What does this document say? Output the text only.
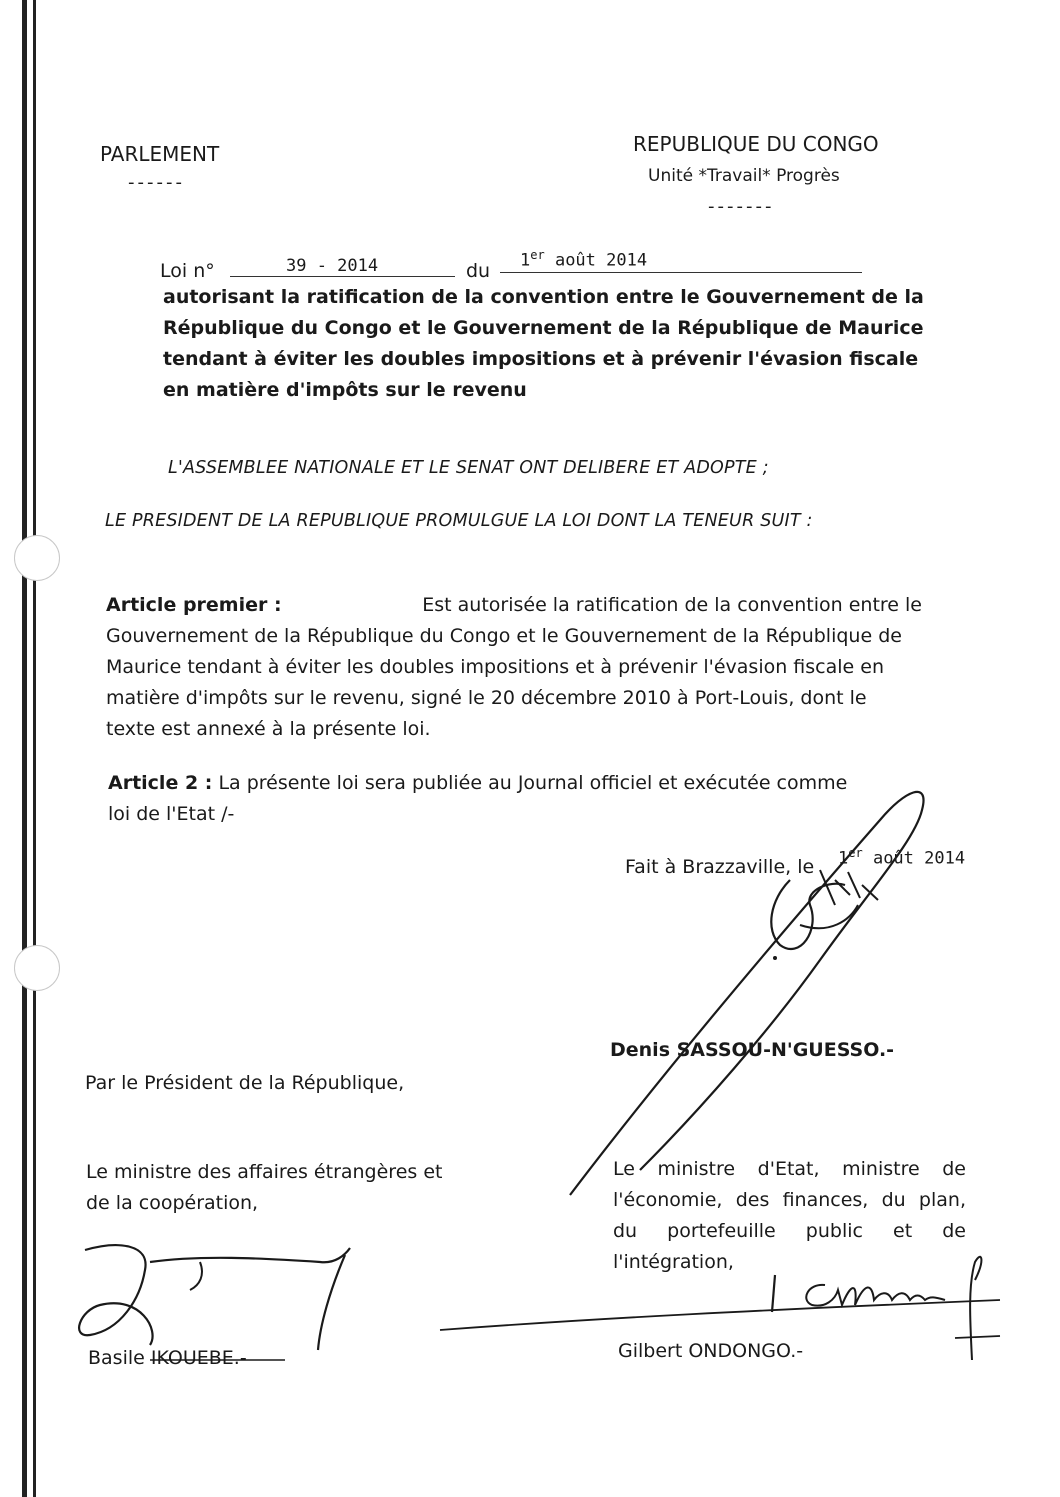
PARLEMENT
------
REPUBLIQUE DU CONGO
Unité *Travail* Progrès
-------
Loi n°	39 - 2014	du 1er août 2014
autorisant la ratification de la convention entre le Gouvernement de la
République du Congo et le Gouvernement de la République de Maurice
tendant à éviter les doubles impositions et à prévenir l'évasion fiscale
en matière d'impôts sur le revenu
L'ASSEMBLEE NATIONALE ET LE SENAT ONT DELIBERE ET ADOPTE ;
LE PRESIDENT DE LA REPUBLIQUE PROMULGUE LA LOI DONT LA TENEUR SUIT :
Article premier :	Est autorisée la ratification de la convention entre le
Gouvernement de la République du Congo et le Gouvernement de la République de
Maurice tendant à éviter les doubles impositions et à prévenir l'évasion fiscale en
matière d'impôts sur le revenu, signé le 20 décembre 2010 à Port-Louis, dont le
texte est annexé à la présente loi.
Article 2 : La présente loi sera publiée au Journal officiel et exécutée comme
loi de l'Etat /-
Fait à Brazzaville, le 1er août 2014
Denis SASSOU-N'GUESSO.-
Par le Président de la République,
Le ministre des affaires étrangères et
de la coopération,
Basile IKOUEBE.-
Le ministre d'Etat, ministre de
l'économie, des finances, du plan,
du portefeuille public et de
l'intégration,
Gilbert ONDONGO.-
